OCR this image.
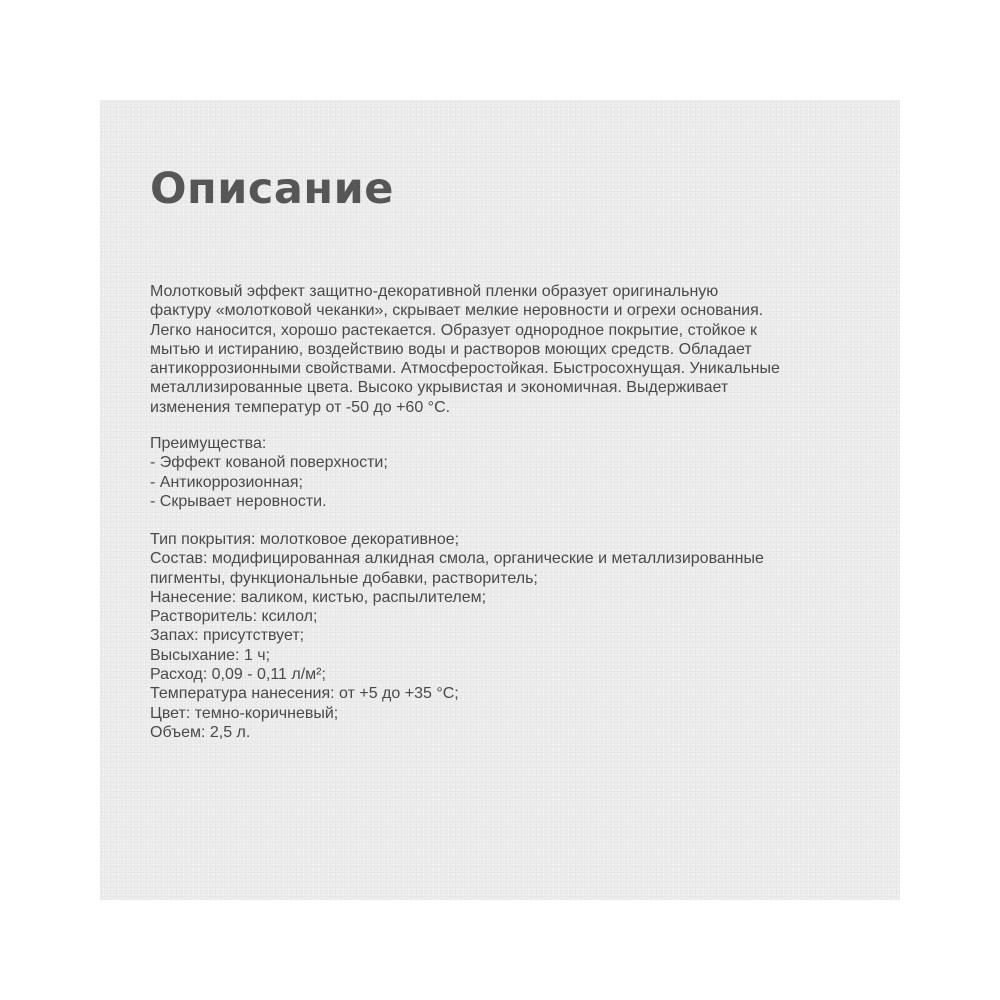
Описание
Молотковый эффект защитно-декоративной пленки образует оригинальную
фактуру «молотковой чеканки», скрывает мелкие неровности и огрехи основания.
Легко наносится, хорошо растекается. Образует однородное покрытие, стойкое к
мытью и истиранию, воздействию воды и растворов моющих средств. Обладает
антикоррозионными свойствами. Атмосферостойкая. Быстросохнущая. Уникальные
металлизированные цвета. Высоко укрывистая и экономичная. Выдерживает
изменения температур от -50 до +60 °С.
Преимущества:
- Эффект кованой поверхности;
- Антикоррозионная;
- Скрывает неровности.
Тип покрытия: молотковое декоративное;
Состав: модифицированная алкидная смола, органические и металлизированные
пигменты, функциональные добавки, растворитель;
Нанесение: валиком, кистью, распылителем;
Растворитель: ксилол;
Запах: присутствует;
Высыхание: 1 ч;
Расход: 0,09 - 0,11 л/м²;
Температура нанесения: от +5 до +35 °С;
Цвет: темно-коричневый;
Объем: 2,5 л.
